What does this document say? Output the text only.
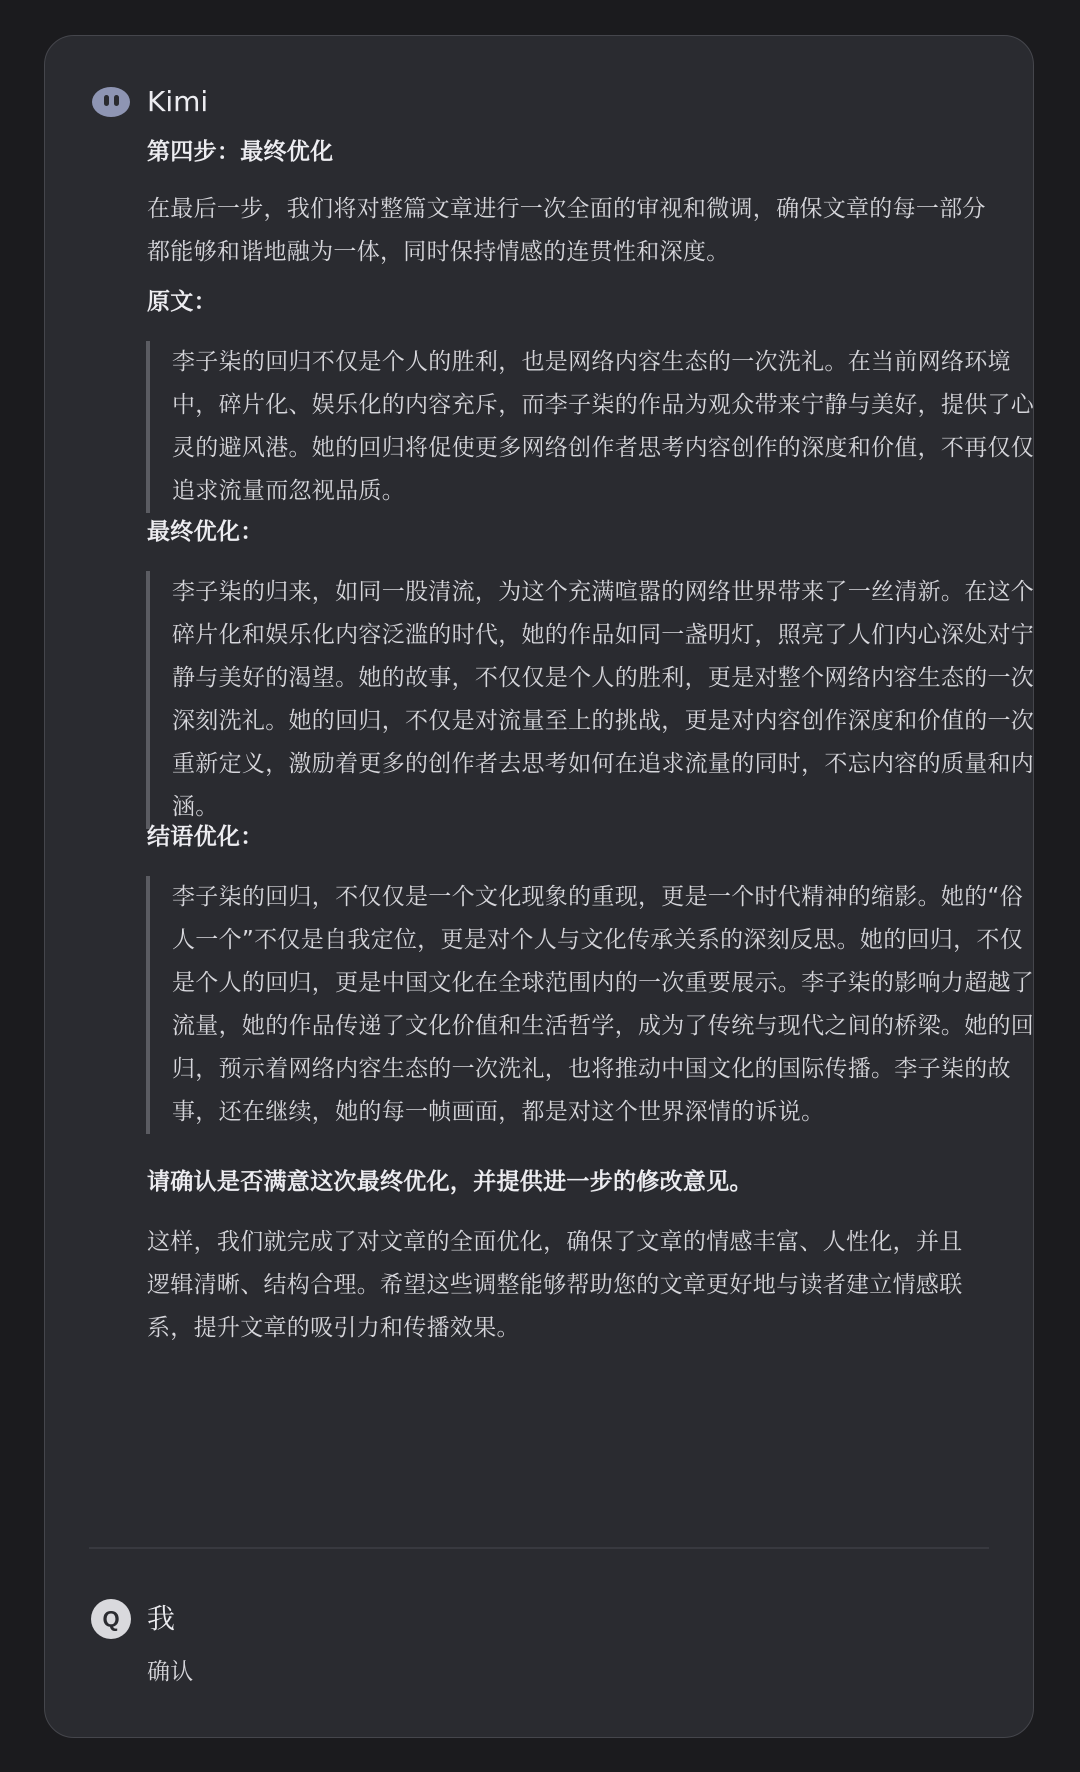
Kimi
第四步：最终优化
在最后一步，我们将对整篇文章进行一次全面的审视和微调，确保文章的每一部分都能够和谐地融为一体，同时保持情感的连贯性和深度。
原文：
李子柒的回归不仅是个人的胜利，也是网络内容生态的一次洗礼。在当前网络环境中，碎片化、娱乐化的内容充斥，而李子柒的作品为观众带来宁静与美好，提供了心灵的避风港。她的回归将促使更多网络创作者思考内容创作的深度和价值，不再仅仅追求流量而忽视品质。
最终优化：
李子柒的归来，如同一股清流，为这个充满喧嚣的网络世界带来了一丝清新。在这个碎片化和娱乐化内容泛滥的时代，她的作品如同一盏明灯，照亮了人们内心深处对宁静与美好的渴望。她的故事，不仅仅是个人的胜利，更是对整个网络内容生态的一次深刻洗礼。她的回归，不仅是对流量至上的挑战，更是对内容创作深度和价值的一次重新定义，激励着更多的创作者去思考如何在追求流量的同时，不忘内容的质量和内涵。
结语优化：
李子柒的回归，不仅仅是一个文化现象的重现，更是一个时代精神的缩影。她的“俗人一个”不仅是自我定位，更是对个人与文化传承关系的深刻反思。她的回归，不仅是个人的回归，更是中国文化在全球范围内的一次重要展示。李子柒的影响力超越了流量，她的作品传递了文化价值和生活哲学，成为了传统与现代之间的桥梁。她的回归，预示着网络内容生态的一次洗礼，也将推动中国文化的国际传播。李子柒的故事，还在继续，她的每一帧画面，都是对这个世界深情的诉说。
请确认是否满意这次最终优化，并提供进一步的修改意见。
这样，我们就完成了对文章的全面优化，确保了文章的情感丰富、人性化，并且逻辑清晰、结构合理。希望这些调整能够帮助您的文章更好地与读者建立情感联系，提升文章的吸引力和传播效果。
Q 我
确认
